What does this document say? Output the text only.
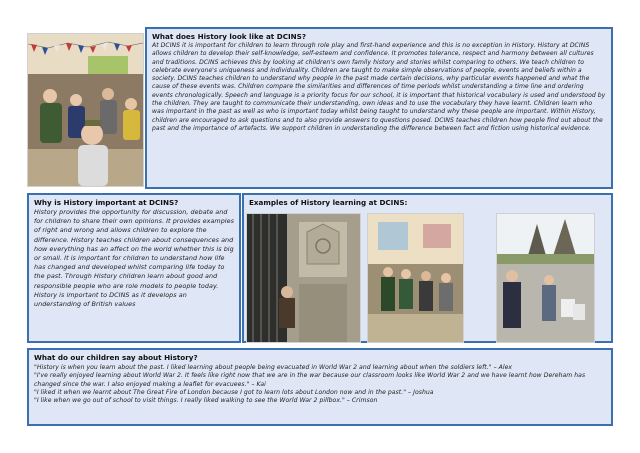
What does History look like at DCINS?

At DCINS it is important for children to learn through role play and first-hand experience and this is no exception in History. History at DCINS allows children to develop their self-knowledge, self-esteem and confidence. It promotes tolerance, respect and harmony between all cultures and traditions. DCINS achieves this by looking at children's own family history and stories whilst comparing to others. We teach children to celebrate everyone's uniqueness and individuality. Children are taught to make simple observations of people, events and beliefs within a society. DCINS teaches children to understand why people in the past made certain decisions, why particular events happened and what the cause of these events was. Children compare the similarities and differences of time periods whilst understanding a time line and ordering events chronologically. Speech and language is a priority focus for our school, it is important that historical vocabulary is used and understood by the children. They are taught to communicate their understanding, own ideas and to use the vocabulary they have learnt. Children learn who was important in the past as well as who is important today whilst being taught to understand why these people are important. Within History, children are encouraged to ask questions and to also provide answers to questions posed. DCINS teaches children how people find out about the past and the importance of artefacts. We support children in understanding the difference between fact and fiction using historical evidence.

Why is History important at DCINS?

History provides the opportunity for discussion, debate and for children to share their own opinions. It provides examples of right and wrong and allows children to explore the difference. History teaches children about consequences and how everything has an affect on the world whether this is big or small. It is important for children to understand how life has changed and developed whilst comparing life today to the past. Through History children learn about good and responsible people who are role models to people today. History is important to DCINS as it develops an understanding of British values

Examples of History learning at DCINS:
What do our children say about History?

"History is when you learn about the past. I liked learning about people being evacuated in World War 2 and learning about when the soldiers left." – Alex

"I've really enjoyed learning about World War 2. It feels like right now that we are in the war because our classroom looks like World War 2 and we have learnt how Dereham has changed since the war. I also enjoyed making a leaflet for evacuees." – Kai

"I liked it when we learnt about The Great Fire of London because I got to learn lots about London now and in the past." – Joshua

"I like when we go out of school to visit things. I really liked walking to see the World War 2 pillbox." – Crimson
